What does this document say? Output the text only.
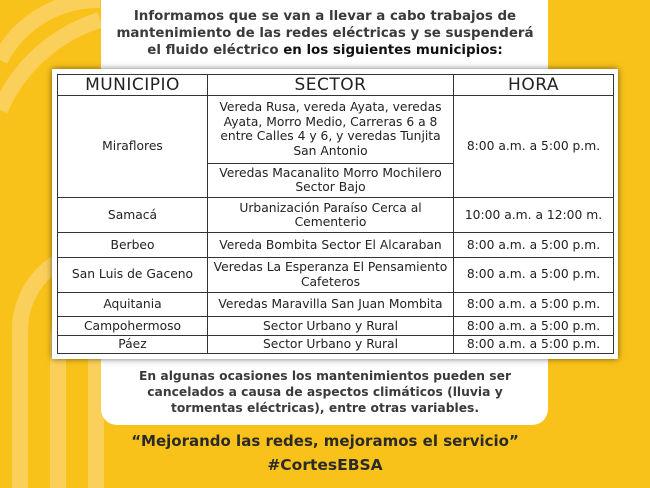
Informamos que se van a llevar a cabo trabajos de
mantenimiento de las redes eléctricas y se suspenderá
el fluido eléctrico en los siguientes municipios:
MUNICIPIO	SECTOR	HORA
Miraflores	Vereda Rusa, vereda Ayata, veredas Ayata, Morro Medio, Carreras 6 a 8 entre Calles 4 y 6, y veredas Tunjita San Antonio	8:00 a.m. a 5:00 p.m.
	Veredas Macanalito Morro Mochilero Sector Bajo	
Samacá	Urbanización Paraíso Cerca al Cementerio	10:00 a.m. a 12:00 m.
Berbeo	Vereda Bombita Sector El Alcaraban	8:00 a.m. a 5:00 p.m.
San Luis de Gaceno	Veredas La Esperanza El Pensamiento Cafeteros	8:00 a.m. a 5:00 p.m.
Aquitania	Veredas Maravilla San Juan Mombita	8:00 a.m. a 5:00 p.m.
Campohermoso	Sector Urbano y Rural	8:00 a.m. a 5:00 p.m.
Páez	Sector Urbano y Rural	8:00 a.m. a 5:00 p.m.
En algunas ocasiones los mantenimientos pueden ser cancelados a causa de aspectos climáticos (lluvia y tormentas eléctricas), entre otras variables.
“Mejorando las redes, mejoramos el servicio”
#CortesEBSA
